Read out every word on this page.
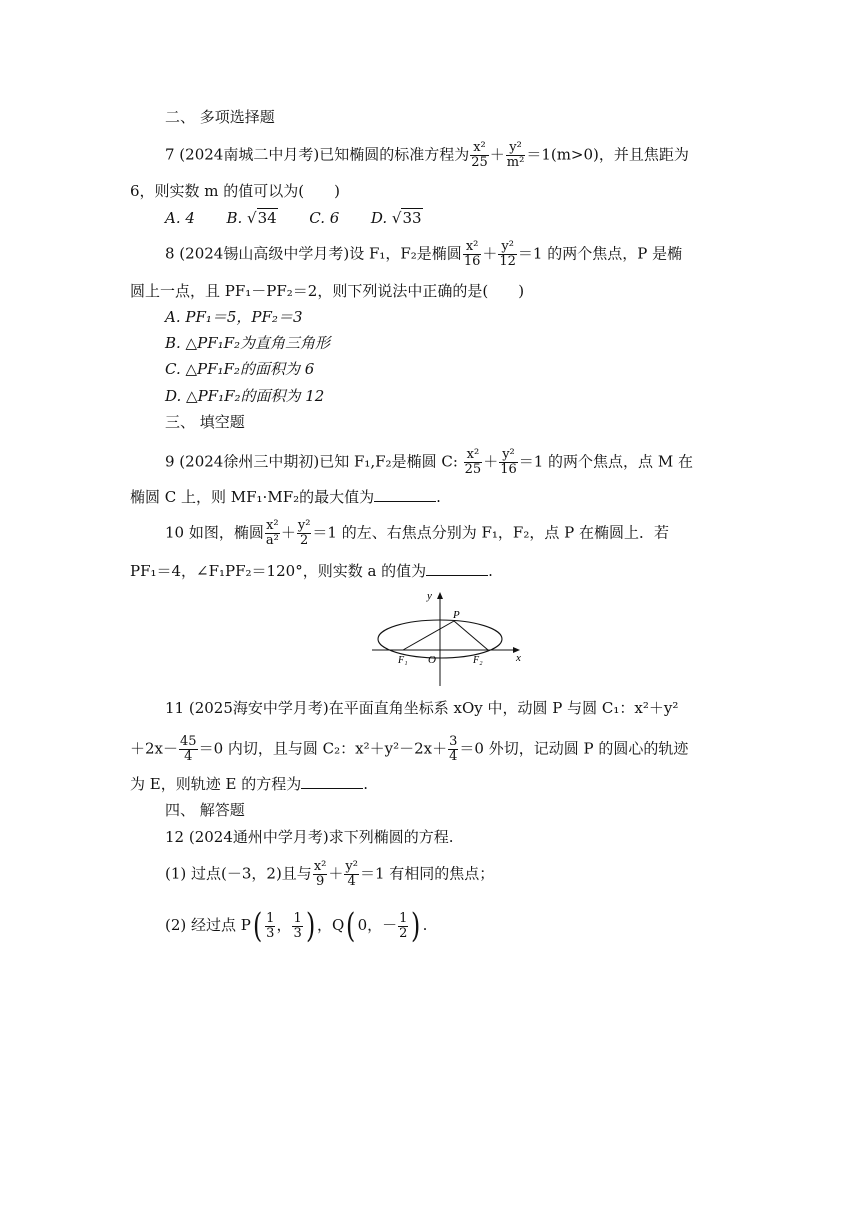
二、 多项选择题
7 (2024南城二中月考)已知椭圆的标准方程为 $\frac{\text{x²}}{25} + \frac{\text{y²}}{\text{m²}} =1(m>0)$，并且焦距为
6，则实数 m 的值可以为(　　)
A. 4 B. √34 C. 6 D. √33
8 (2024锡山高级中学月考)设 F₁，F₂是椭圆 $\frac{\text{x²}}{16} + \frac{\text{y²}}{12} =1$ 的两个焦点，P 是椭
圆上一点，且 PF₁－PF₂＝2，则下列说法中正确的是(　　)
A. PF₁＝5，PF₂＝3
B. △PF₁F₂为直角三角形
C. △PF₁F₂的面积为 6
D. △PF₁F₂的面积为 12
三、 填空题
9 (2024徐州三中期初)已知 F₁,F₂是椭圆 C: $\frac{\text{x²}}{25} + \frac{\text{y²}}{16} =1$ 的两个焦点，点 M 在
椭圆 C 上，则 MF₁·MF₂的最大值为	.
10 如图，椭圆 $\frac{\text{x²}}{\text{a²}} + \frac{\text{y²}}{2} =1$ 的左、右焦点分别为 F₁，F₂，点 P 在椭圆上．若
PF₁＝4，∠F₁PF₂＝120°，则实数 a 的值为	.
y
x
P
O
F₁	F₂
11 (2025海安中学月考)在平面直角坐标系 xOy 中，动圆 P 与圆 C₁：x²＋y²
$+2x- \frac{45}{4} =0$ 内切，且与圆 C₂：$x^2+y^2-2x+ \frac{3}{4} =0$ 外切，记动圆 P 的圆心的轨迹
为 E，则轨迹 E 的方程为	.
四、 解答题
12 (2024通州中学月考)求下列椭圆的方程.
(1) 过点(－3，2)且与 $\frac{\text{x²}}{9} + \frac{\text{y²}}{4} =1$ 有相同的焦点；
(2) 经过点 $P( \frac{1}{3}$ ， $\frac{1}{3}$ ) ，Q( 0，－ $\frac{1}{2}$ ) .
